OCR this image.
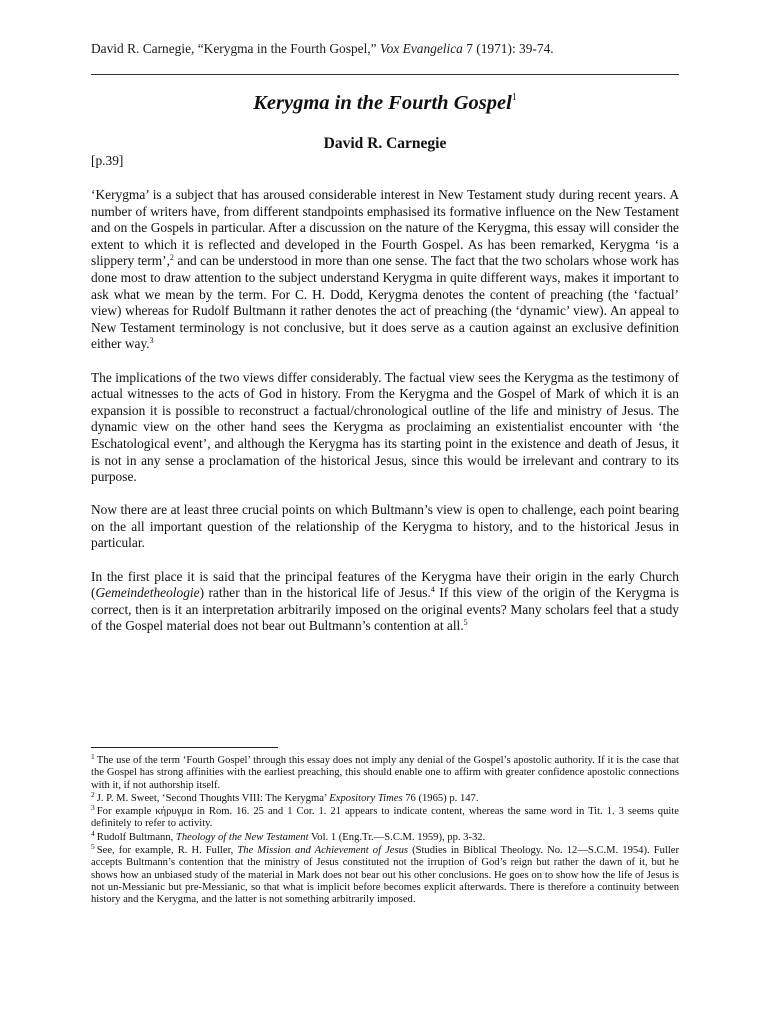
David R. Carnegie, “Kerygma in the Fourth Gospel,” Vox Evangelica 7 (1971): 39-74.
Kerygma in the Fourth Gospel$^1$
David R. Carnegie
[p.39]

‘Kerygma’ is a subject that has aroused considerable interest in New Testament study during recent years. A number of writers have, from different standpoints emphasised its formative influence on the New Testament and on the Gospels in particular. After a discussion on the nature of the Kerygma, this essay will consider the extent to which it is reflected and developed in the Fourth Gospel. As has been remarked, Kerygma ‘is a slippery term’,$^2$ and can be understood in more than one sense. The fact that the two scholars whose work has done most to draw attention to the subject understand Kerygma in quite different ways, makes it important to ask what we mean by the term. For C. H. Dodd, Kerygma denotes the content of preaching (the ‘factual’ view) whereas for Rudolf Bultmann it rather denotes the act of preaching (the ‘dynamic’ view). An appeal to New Testament terminology is not conclusive, but it does serve as a caution against an exclusive definition either way.$^3$

The implications of the two views differ considerably. The factual view sees the Kerygma as the testimony of actual witnesses to the acts of God in history. From the Kerygma and the Gospel of Mark of which it is an expansion it is possible to reconstruct a factual/chronological outline of the life and ministry of Jesus. The dynamic view on the other hand sees the Kerygma as proclaiming an existentialist encounter with ‘the Eschatological event’, and although the Kerygma has its starting point in the existence and death of Jesus, it is not in any sense a proclamation of the historical Jesus, since this would be irrelevant and contrary to its purpose.

Now there are at least three crucial points on which Bultmann’s view is open to challenge, each point bearing on the all important question of the relationship of the Kerygma to history, and to the historical Jesus in particular.

In the first place it is said that the principal features of the Kerygma have their origin in the early Church (Gemeindetheologie) rather than in the historical life of Jesus.$^4$ If this view of the origin of the Kerygma is correct, then is it an interpretation arbitrarily imposed on the original events? Many scholars feel that a study of the Gospel material does not bear out Bultmann’s contention at all.$^5$

$^1$ The use of the term ‘Fourth Gospel’ through this essay does not imply any denial of the Gospel’s apostolic authority. If it is the case that the Gospel has strong affinities with the earliest preaching, this should enable one to affirm with greater confidence apostolic connections with it, if not authorship itself.
$^2$ J. P. M. Sweet, ‘Second Thoughts VIII: The Kerygma’ Expository Times 76 (1965) p. 147.
$^3$ For example κήρυγμα in Rom. 16. 25 and 1 Cor. 1. 21 appears to indicate content, whereas the same word in Tit. 1. 3 seems quite definitely to refer to activity.
$^4$ Rudolf Bultmann, Theology of the New Testament Vol. 1 (Eng.Tr.—S.C.M. 1959), pp. 3-32.
$^5$ See, for example, R. H. Fuller, The Mission and Achievement of Jesus (Studies in Biblical Theology. No. 12—S.C.M. 1954). Fuller accepts Bultmann’s contention that the ministry of Jesus constituted not the irruption of God’s reign but rather the dawn of it, but he shows how an unbiased study of the material in Mark does not bear out his other conclusions. He goes on to show how the life of Jesus is not un-Messianic but pre-Messianic, so that what is implicit before becomes explicit afterwards. There is therefore a continuity between history and the Kerygma, and the latter is not something arbitrarily imposed.
